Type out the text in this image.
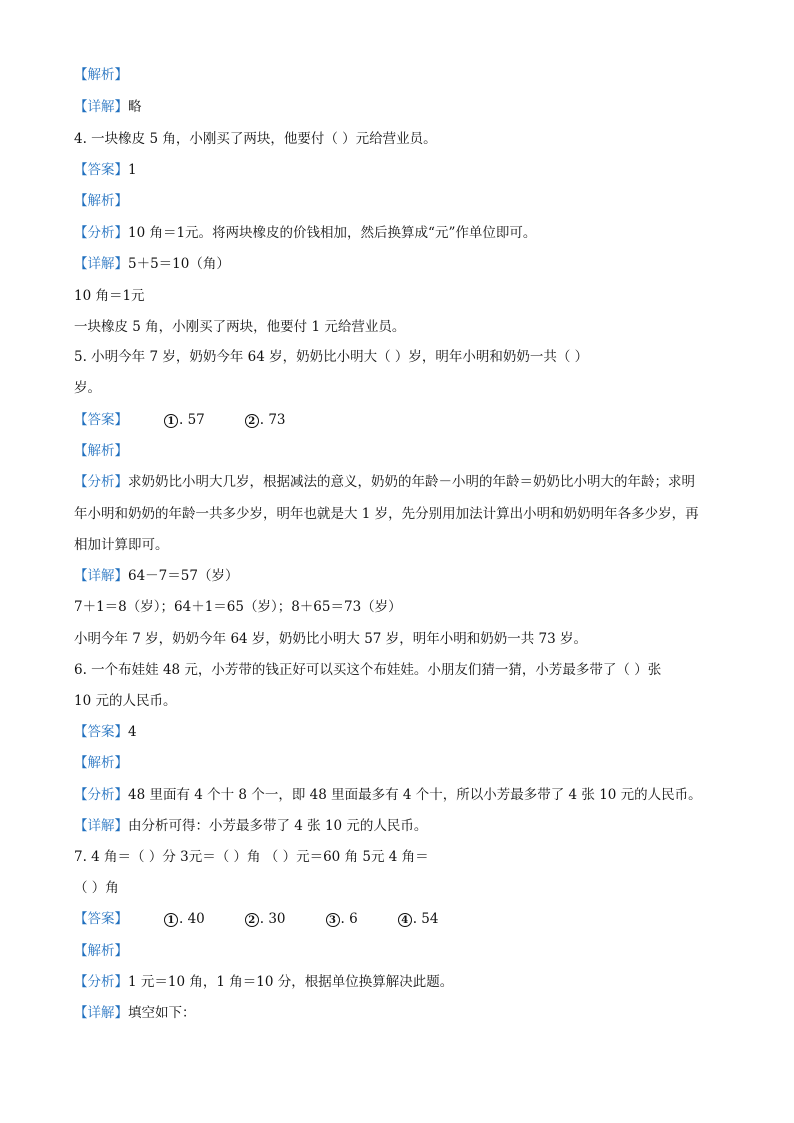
【解析】
【详解】略
4. 一块橡皮 5 角，小刚买了两块，他要付（ ）元给营业员。
【答案】1
【解析】
【分析】10 角＝1元。将两块橡皮的价钱相加，然后换算成“元”作单位即可。
【详解】5＋5＝10（角）
10 角＝1元
一块橡皮 5 角，小刚买了两块，他要付 1 元给营业员。
5. 小明今年 7 岁，奶奶今年 64 岁，奶奶比小明大（ ）岁，明年小明和奶奶一共（ ）
岁。
【答案】	1 . 57	2 . 73
【解析】
【分析】求奶奶比小明大几岁，根据减法的意义，奶奶的年龄－小明的年龄＝奶奶比小明大的年龄；求明
年小明和奶奶的年龄一共多少岁，明年也就是大 1 岁，先分别用加法计算出小明和奶奶明年各多少岁，再
相加计算即可。
【详解】64－7＝57（岁）
7＋1＝8（岁）；64＋1＝65（岁）；8＋65＝73（岁）
小明今年 7 岁，奶奶今年 64 岁，奶奶比小明大 57 岁，明年小明和奶奶一共 73 岁。
6. 一个布娃娃 48 元，小芳带的钱正好可以买这个布娃娃。小朋友们猜一猜，小芳最多带了（ ）张
10 元的人民币。
【答案】4
【解析】
【分析】48 里面有 4 个十 8 个一，即 48 里面最多有 4 个十，所以小芳最多带了 4 张 10 元的人民币。
【详解】由分析可得：小芳最多带了 4 张 10 元的人民币。
7. 4 角＝（ ）分 3元＝（ ）角 （ ）元＝60 角 5元 4 角＝
（ ）角
【答案】	1 . 40	2 . 30	3 . 6	4 . 54
【解析】
【分析】1 元＝10 角，1 角＝10 分，根据单位换算解决此题。
【详解】填空如下：
